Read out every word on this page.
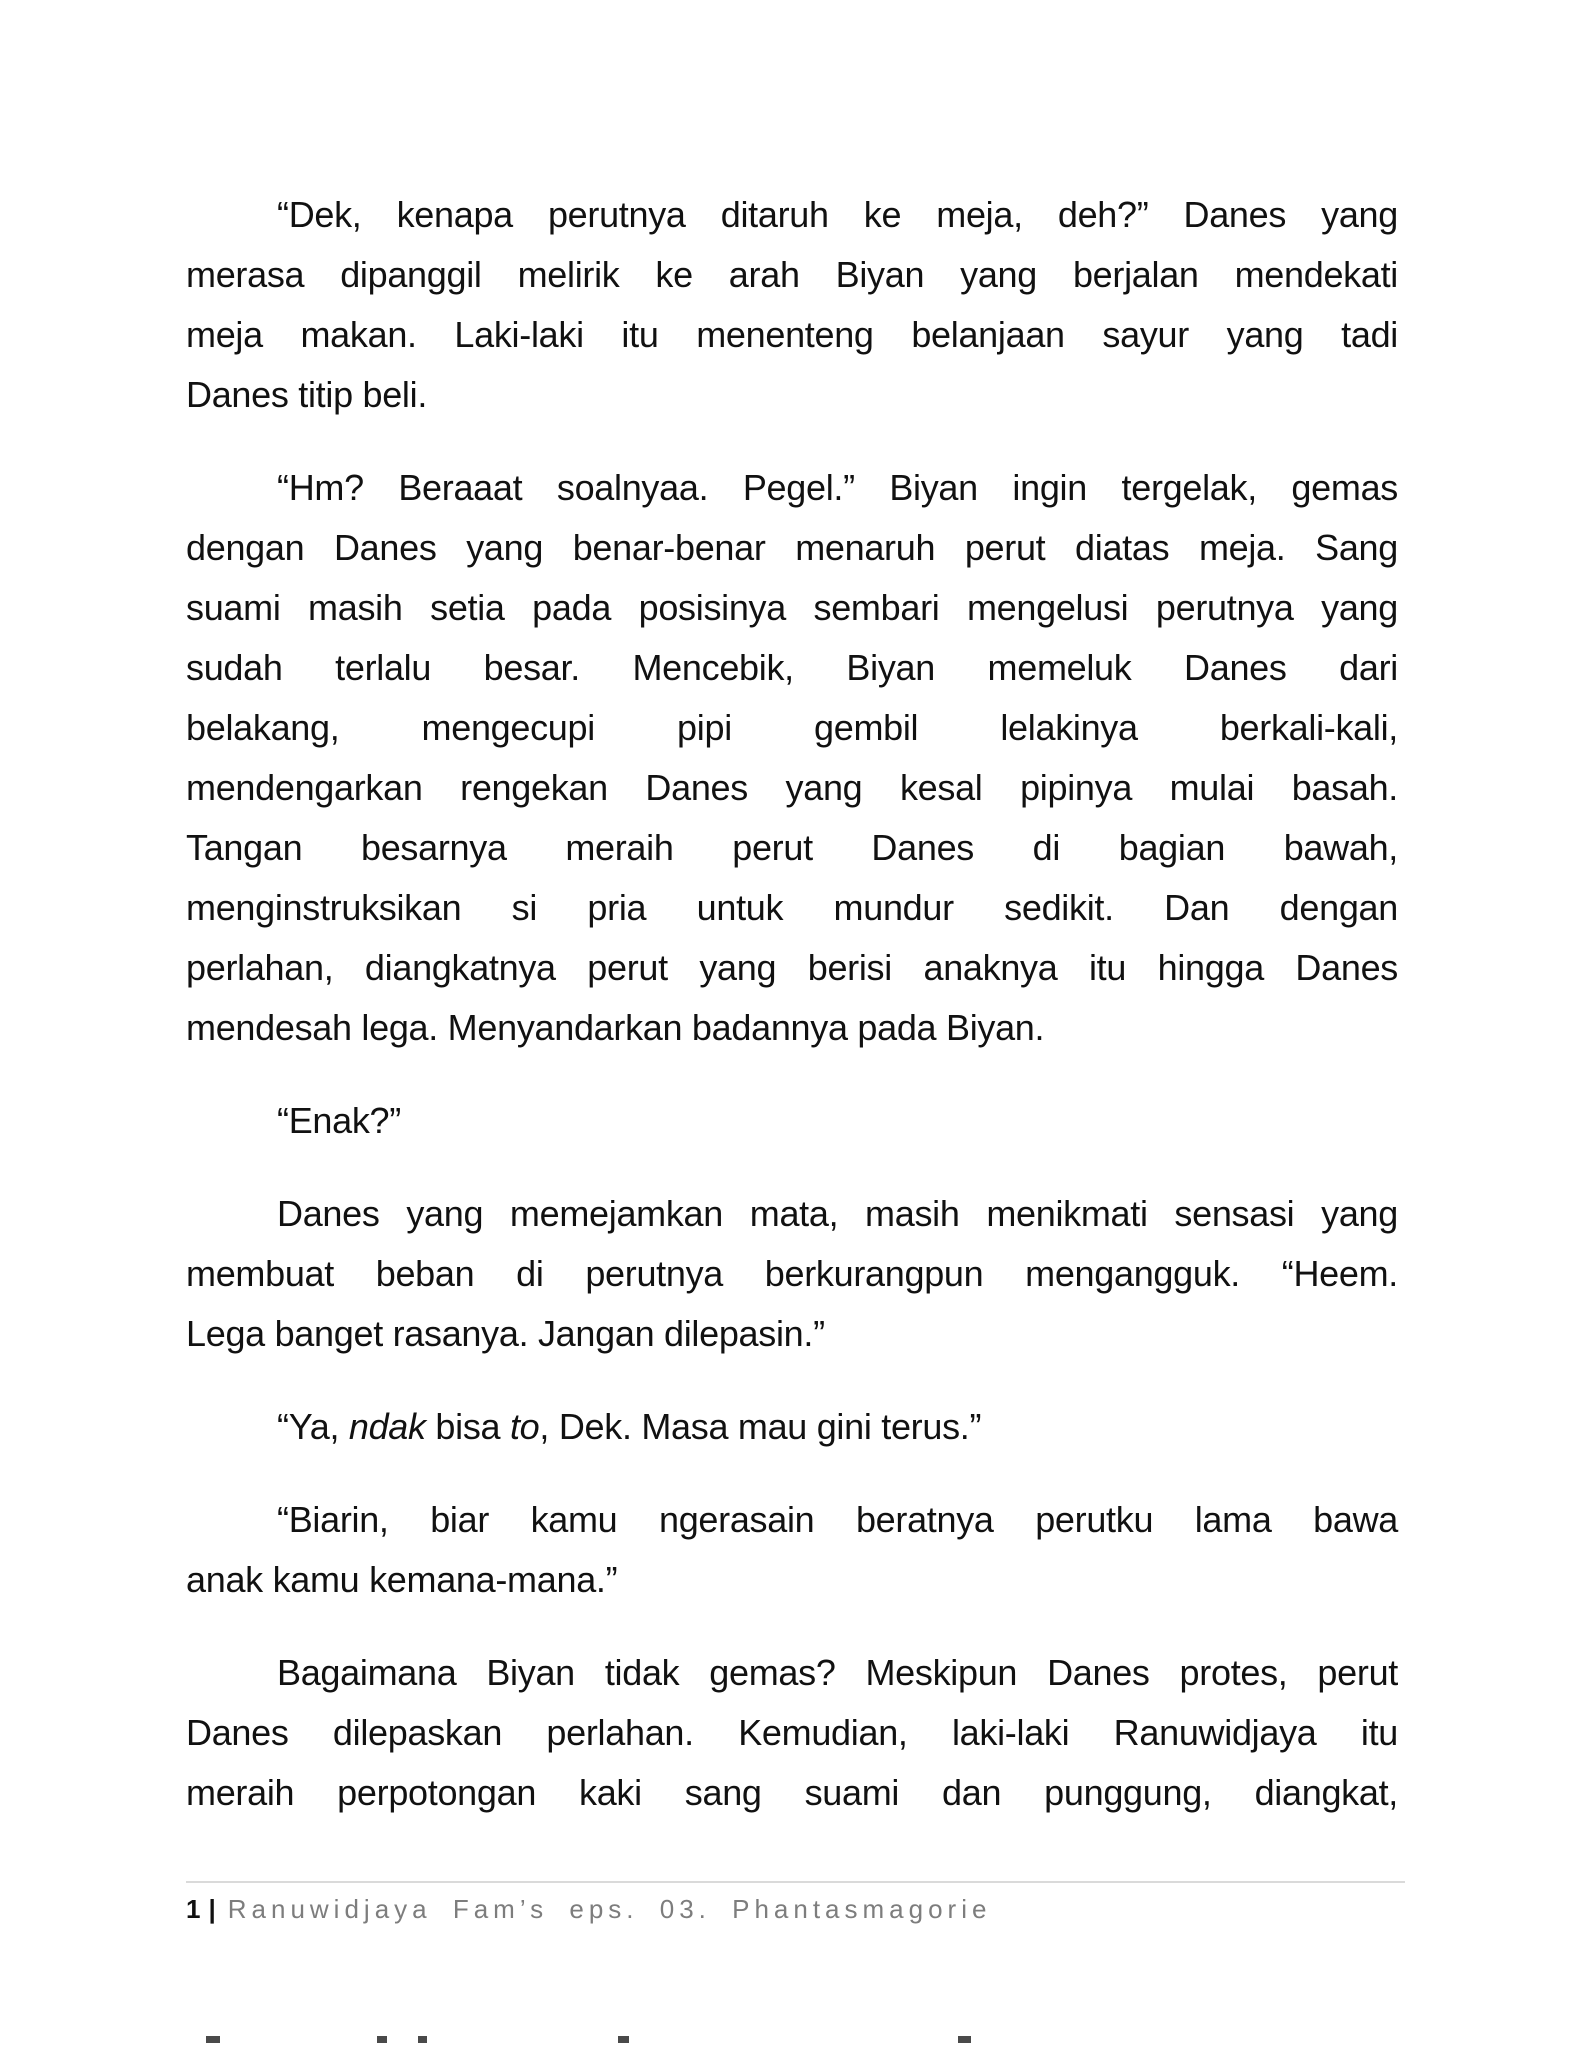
“Dek, kenapa perutnya ditaruh ke meja, deh?” Danes yang
merasa dipanggil melirik ke arah Biyan yang berjalan mendekati
meja makan. Laki-laki itu menenteng belanjaan sayur yang tadi
Danes titip beli.
“Hm? Beraaat soalnyaa. Pegel.” Biyan ingin tergelak, gemas
dengan Danes yang benar-benar menaruh perut diatas meja. Sang
suami masih setia pada posisinya sembari mengelusi perutnya yang
sudah terlalu besar. Mencebik, Biyan memeluk Danes dari
belakang, mengecupi pipi gembil lelakinya berkali-kali,
mendengarkan rengekan Danes yang kesal pipinya mulai basah.
Tangan besarnya meraih perut Danes di bagian bawah,
menginstruksikan si pria untuk mundur sedikit. Dan dengan
perlahan, diangkatnya perut yang berisi anaknya itu hingga Danes
mendesah lega. Menyandarkan badannya pada Biyan.
“Enak?”
Danes yang memejamkan mata, masih menikmati sensasi yang
membuat beban di perutnya berkurangpun mengangguk. “Heem.
Lega banget rasanya. Jangan dilepasin.”
“Ya, ndak bisa to, Dek. Masa mau gini terus.”
“Biarin, biar kamu ngerasain beratnya perutku lama bawa
anak kamu kemana-mana.”
Bagaimana Biyan tidak gemas? Meskipun Danes protes, perut
Danes dilepaskan perlahan. Kemudian, laki-laki Ranuwidjaya itu
meraih perpotongan kaki sang suami dan punggung, diangkat,
1 | Ranuwidjaya Fam’s eps. 03. Phantasmagorie
